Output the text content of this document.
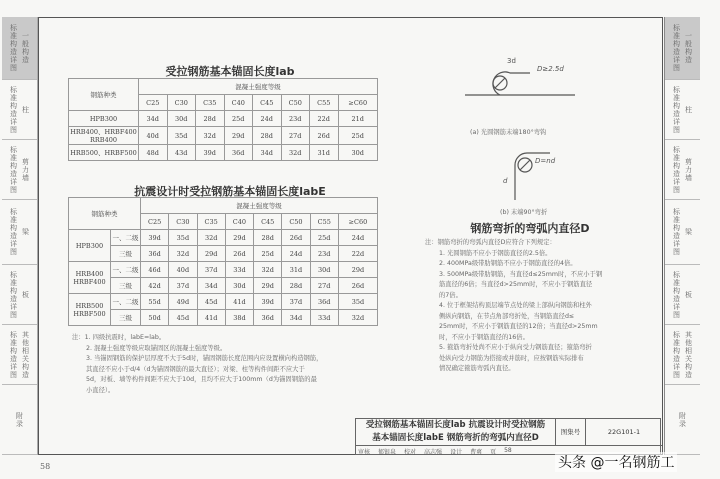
标准构造详图 一般构造
标准构造详图 柱
标准构造详图 剪力墙
标准构造详图 梁
标准构造详图 板
标准构造详图 其他相关构造
附录
标准构造详图 一般构造
标准构造详图 柱
标准构造详图 剪力墙
标准构造详图 梁
标准构造详图 板
标准构造详图 其他相关构造
附录
受拉钢筋基本锚固长度lab
钢筋种类	混凝土强度等级							
	C25	C30	C35	C40	C45	C50	C55	≥C60
HPB300	34d	30d	28d	25d	24d	23d	22d	21d
HRB400、HRBF400 RRB400	40d	35d	32d	29d	28d	27d	26d	25d
HRB500、HRBF500	48d	43d	39d	36d	34d	32d	31d	30d
抗震设计时受拉钢筋基本锚固长度labE
钢筋种类		混凝土强度等级							
		C25	C30	C35	C40	C45	C50	C55	≥C60
HPB300	一、二级	39d	35d	32d	29d	28d	26d	25d	24d
	三级	36d	32d	29d	26d	25d	24d	23d	22d
HRB400 HRBF400	一、二级	46d	40d	37d	33d	32d	31d	30d	29d
	三级	42d	37d	34d	30d	29d	28d	27d	26d
HRB500 HRBF500	一、二级	55d	49d	45d	41d	39d	37d	36d	35d
	三级	50d	45d	41d	38d	36d	34d	33d	32d
注：1. 四级抗震时，labE=lab。
2. 混凝土强度等级应取锚固区的混凝土强度等级。
3. 当锚固钢筋的保护层厚度不大于5d时，锚固钢筋长度范围内应设置横向构造钢筋，
其直径不应小于d/4（d为锚固钢筋的最大直径）；对梁、柱等构件间距不应大于
5d，对板、墙等构件间距不应大于10d，且均不应大于100mm（d为锚固钢筋的最
小直径）。
3d
D≥2.5d
D=nd
d
(a) 光圆钢筋末端180°弯钩
(b) 末端90°弯折
钢筋弯折的弯弧内直径D
注：钢筋弯折的弯弧内直径D应符合下列规定：
1. 光圆钢筋不应小于钢筋直径的2.5倍。
2. 400MPa级带肋钢筋不应小于钢筋直径的4倍。
3. 500MPa级带肋钢筋，当直径d≤25mm时，不应小于钢
筋直径的6倍；当直径d>25mm时，不应小于钢筋直径
的7倍。
4. 位于框架结构顶层端节点处的梁上部纵向钢筋和柱外
侧纵向钢筋，在节点角部弯折处，当钢筋直径d≤
25mm时，不应小于钢筋直径的12倍；当直径d>25mm
时，不应小于钢筋直径的16倍。
5. 箍筋弯折处尚不应小于纵向受力钢筋直径；箍筋弯折
处纵向受力钢筋为搭接或并筋时，应按钢筋实际排布
情况确定箍筋弯弧内直径。
受拉钢筋基本锚固长度lab 抗震设计时受拉钢筋
基本锚固长度labE 钢筋弯折的弯弧内直径D
图集号	22G101-1
审核 郁银泉 校对 高志强 设计 曹爽 页 58
58	头条 @一名钢筋工
